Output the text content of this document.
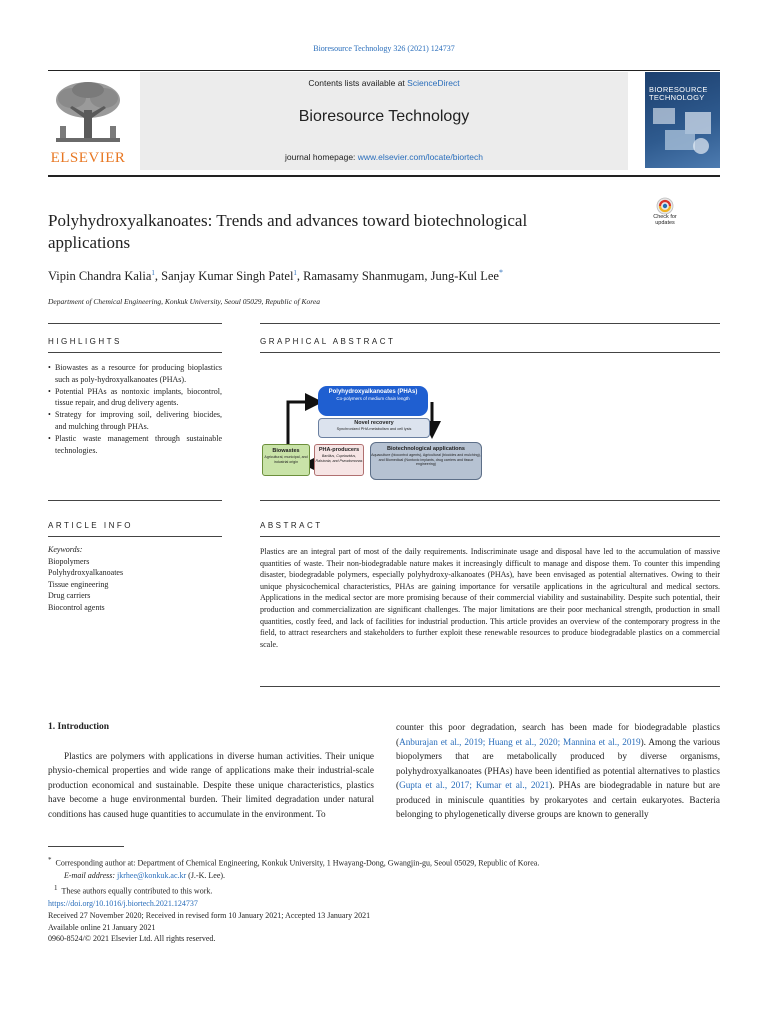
Bioresource Technology 326 (2021) 124737
ELSEVIER
Contents lists available at ScienceDirect
Bioresource Technology
journal homepage: www.elsevier.com/locate/biortech
BIORESOURCE TECHNOLOGY
Polyhydroxyalkanoates: Trends and advances toward biotechnological applications
Check for updates
Vipin Chandra Kalia$^1$, Sanjay Kumar Singh Patel$^1$, Ramasamy Shanmugam, Jung-Kul Lee*
Department of Chemical Engineering, Konkuk University, Seoul 05029, Republic of Korea
HIGHLIGHTS	GRAPHICAL ABSTRACT
• Biowastes as a resource for producing bioplastics such as poly-hydroxyalkanoates (PHAs).
• Potential PHAs as nontoxic implants, biocontrol, tissue repair, and drug delivery agents.
• Strategy for improving soil, delivering biocides, and mulching through PHAs.
• Plastic waste management through sustainable technologies.
Polyhydroxyalkanoates (PHAs)
Co-polymers of medium chain length
Novel recovery
Synchronized PHA metabolism and cell lysis
Biowastes
Agricultural, municipal, and industrial origin
PHA-producers
Bacillus, Cupriavidus, Ralstonia, and Pseudomonas
Biotechnological applications
Aquaculture (biocontrol agents), Agricultural (biocides and mulching), and Biomedical (Nontoxic implants, drug carriers and tissue engineering)
ARTICLE INFO	ABSTRACT
Keywords:
Biopolymers
Polyhydroxyalkanoates
Tissue engineering
Drug carriers
Biocontrol agents
Plastics are an integral part of most of the daily requirements. Indiscriminate usage and disposal have led to the accumulation of massive quantities of waste. Their non-biodegradable nature makes it increasingly difficult to manage and dispose them. To counter this impending disaster, biodegradable polymers, especially polyhydroxy-alkanoates (PHAs), have been envisaged as potential alternatives. Owing to their unique physicochemical characteristics, PHAs are gaining importance for versatile applications in the agricultural and medical sectors. Applications in the medical sector are more promising because of their commercial viability and sustainability. Despite such potential, their production and commercialization are significant challenges. The major limitations are their poor mechanical strength, production in small quantities, costly feed, and lack of facilities for industrial production. This article provides an overview of the contemporary progress in the field, to attract researchers and stakeholders to further exploit these renewable resources to produce biodegradable plastics on a commercial scale.
1. Introduction

Plastics are polymers with applications in diverse human activities. Their unique physio-chemical properties and wide range of applications make their industrial-scale production economical and sustainable. Despite these unique characteristics, plastics have become a huge environmental burden. Their limited degradation under natural conditions has caused huge quantities to accumulate in the environment. To

counter this poor degradation, search has been made for biodegradable plastics (Anburajan et al., 2019; Huang et al., 2020; Mannina et al., 2019). Among the various biopolymers that are metabolically produced by diverse organisms, polyhydroxyalkanoates (PHAs) have been identified as potential alternatives to plastics (Gupta et al., 2017; Kumar et al., 2021). PHAs are biodegradable in nature but are produced in miniscule quantities by prokaryotes and certain eukaryotes. Bacteria belonging to phylogenetically diverse groups are known to generally
* Corresponding author at: Department of Chemical Engineering, Konkuk University, 1 Hwayang-Dong, Gwangjin-gu, Seoul 05029, Republic of Korea.
E-mail address: jkrhee@konkuk.ac.kr (J.-K. Lee).
$^1$ These authors equally contributed to this work.
https://doi.org/10.1016/j.biortech.2021.124737
Received 27 November 2020; Received in revised form 10 January 2021; Accepted 13 January 2021
Available online 21 January 2021
0960-8524/© 2021 Elsevier Ltd. All rights reserved.
